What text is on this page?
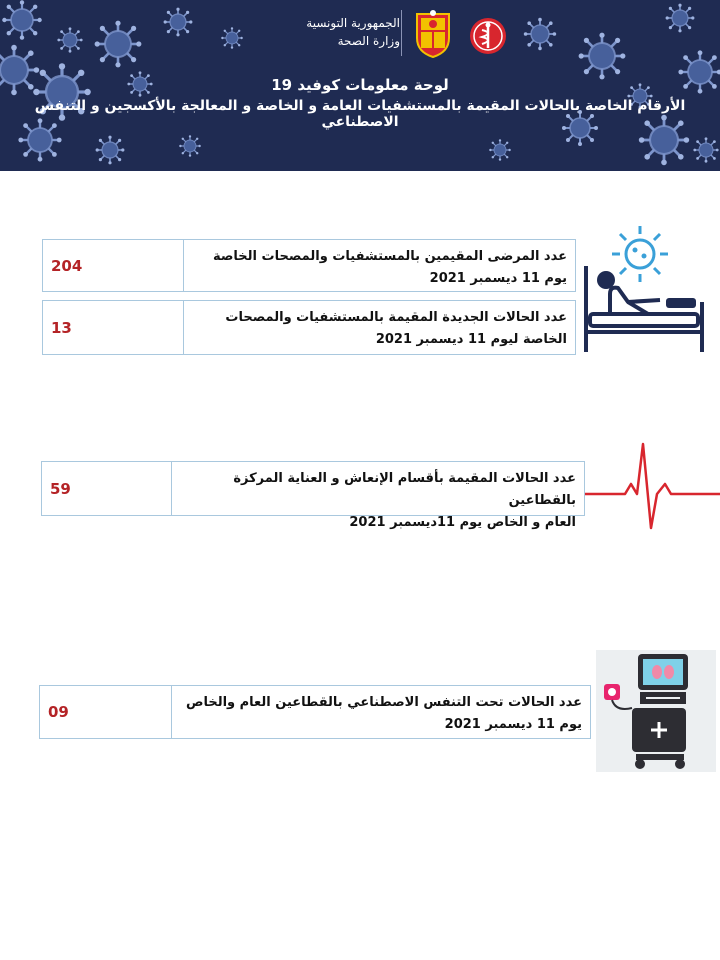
الجمهورية التونسية
وزارة الصحة
لوحة معلومات كوفيد 19
الأرقام الخاصة بالحالات المقيمة بالمستشفيات العامة و الخاصة و المعالجة بالأكسجين و التنفس الاصطناعي
204	عدد المرضى المقيمين بالمستشفيات والمصحات الخاصة
يوم 11 ديسمبر 2021
13
عدد الحالات الجديدة المقيمة بالمستشفيات والمصحات
الخاصة ليوم 11 ديسمبر 2021
59
عدد الحالات المقيمة بأقسام الإنعاش و العناية المركزة بالقطاعين
العام و الخاص يوم 11ديسمبر 2021
09
عدد الحالات تحت التنفس الاصطناعي بالقطاعين العام والخاص
يوم 11 ديسمبر 2021
